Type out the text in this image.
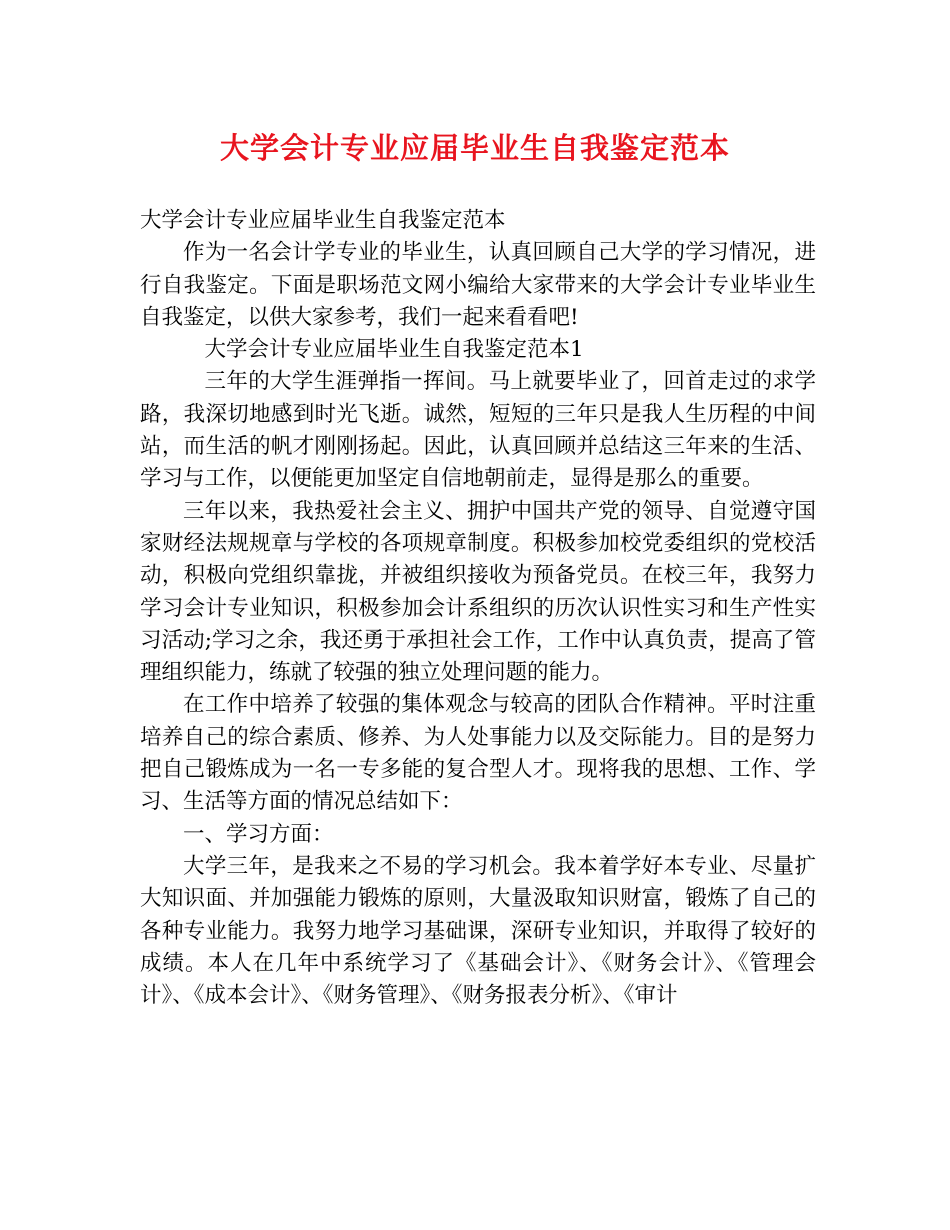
大学会计专业应届毕业生自我鉴定范本

大学会计专业应届毕业生自我鉴定范本

作为一名会计学专业的毕业生，认真回顾自己大学的学习情况，进行自我鉴定。下面是职场范文网小编给大家带来的大学会计专业毕业生自我鉴定，以供大家参考，我们一起来看看吧!

大学会计专业应届毕业生自我鉴定范本1

三年的大学生涯弹指一挥间。马上就要毕业了，回首走过的求学路，我深切地感到时光飞逝。诚然，短短的三年只是我人生历程的中间站，而生活的帆才刚刚扬起。因此，认真回顾并总结这三年来的生活、学习与工作，以便能更加坚定自信地朝前走，显得是那么的重要。

三年以来，我热爱社会主义、拥护中国共产党的领导、自觉遵守国家财经法规规章与学校的各项规章制度。积极参加校党委组织的党校活动，积极向党组织靠拢，并被组织接收为预备党员。在校三年，我努力学习会计专业知识，积极参加会计系组织的历次认识性实习和生产性实习活动;学习之余，我还勇于承担社会工作，工作中认真负责，提高了管理组织能力，练就了较强的独立处理问题的能力。

在工作中培养了较强的集体观念与较高的团队合作精神。平时注重培养自己的综合素质、修养、为人处事能力以及交际能力。目的是努力把自己锻炼成为一名一专多能的复合型人才。现将我的思想、工作、学习、生活等方面的情况总结如下：

一、学习方面：

大学三年，是我来之不易的学习机会。我本着学好本专业、尽量扩大知识面、并加强能力锻炼的原则，大量汲取知识财富，锻炼了自己的各种专业能力。我努力地学习基础课，深研专业知识，并取得了较好的成绩。本人在几年中系统学习了《基础会计》、《财务会计》、《管理会计》、《成本会计》、《财务管理》、《财务报表分析》、《审计
